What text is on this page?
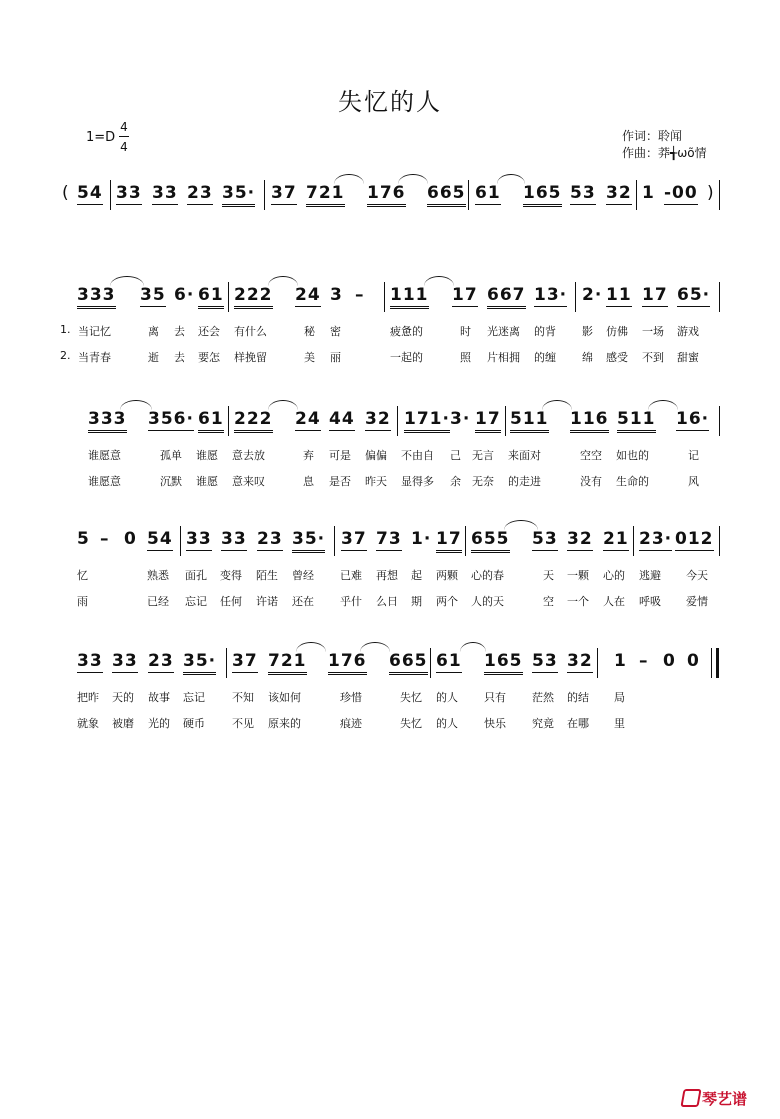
失忆的人
1=D
4
4
作词：聆闻
作曲：莽╅ωõ情
( 54 33 33 23 35· 37 721 176 665 61 165 53 32 1 -00 )
333 35 6· 61 222 24 3 – 111 17 667 13· 2· 11 17 65·
1. 当记忆	离 去 还会 有什么	秘 密	疲惫的	时 光迷离 的背 影 仿佛 一场 游戏
2. 当青春	逝 去 要怎 样挽留	美 丽	一起的	照 片相拥 的缠 绵 感受 不到 甜蜜
333 356· 61 222 24 44 32 171· 3· 17 511 116 511 16·
谁愿意	孤单 谁愿 意去放	弃 可是 偏偏 不由自 己 无言 来面对	空空 如也的	记
谁愿意	沉默 谁愿 意来叹	息 是否 昨天 显得多 余 无奈 的走进	没有 生命的	风
5 – 0 54 33 33 23 35· 37 73 1· 17 655 53 32 21 23· 012
忆	熟悉 面孔 变得 陌生 曾经 已难 再想 起 两颗 心的春	天 一颗 心的 逃避 今天
雨	已经 忘记 任何 许诺 还在 乎什 么日 期 两个 人的天	空 一个 人在 呼吸 爱情
33 33 23 35· 37 721 176 665 61 165 53 32 1 – 0 0
把昨 天的 故事 忘记 不知 该如何	珍惜	失忆 的人 只有 茫然 的结 局
就象 被磨 光的 硬币 不见 原来的	痕迹	失忆 的人 快乐 究竟 在哪 里
琴艺谱
